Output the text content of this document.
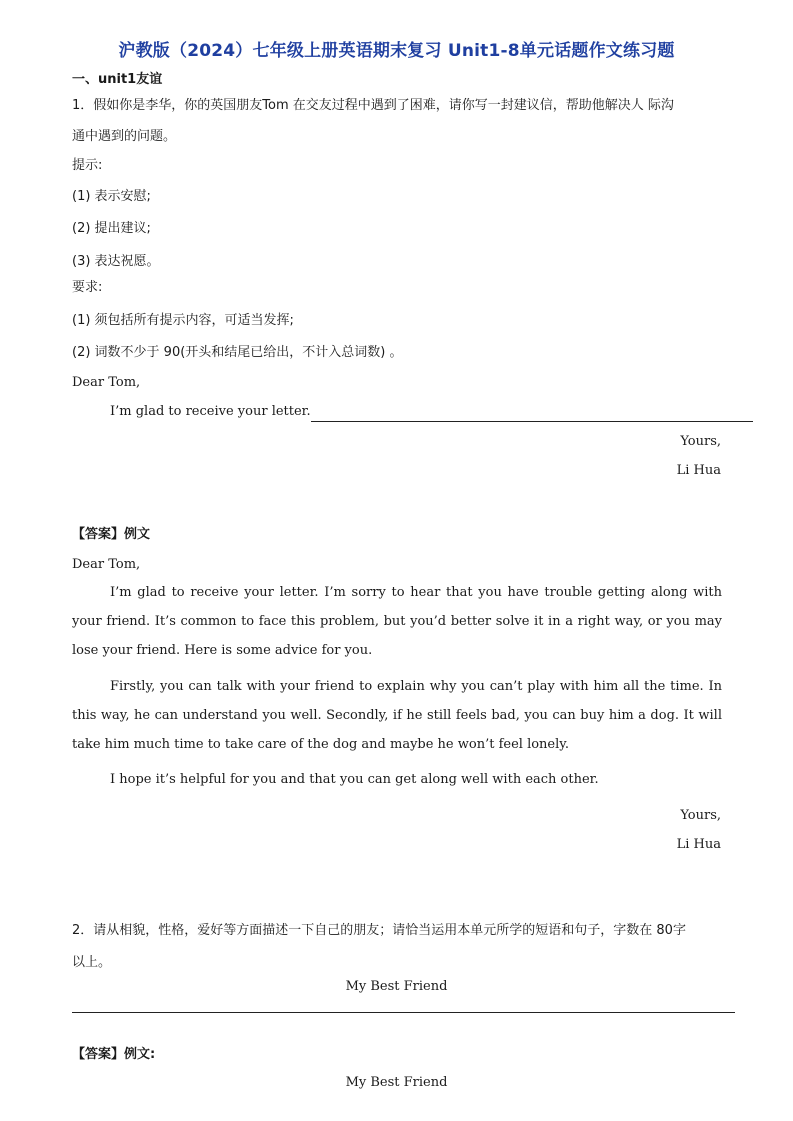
沪教版（2024）七年级上册英语期末复习 Unit1-8单元话题作文练习题
一、unit1友谊
1．假如你是李华，你的英国朋友Tom 在交友过程中遇到了困难，请你写一封建议信，帮助他解决人 际沟
通中遇到的问题。
提示:
(1) 表示安慰;
(2) 提出建议;
(3) 表达祝愿。
要求:
(1) 须包括所有提示内容，可适当发挥;
(2) 词数不少于 90(开头和结尾已给出，不计入总词数) 。
Dear Tom,
I’m glad to receive your letter.
Yours,
Li Hua
【答案】例文
Dear Tom,
I’m glad to receive your letter. I’m sorry to hear that you have trouble getting along with your friend. It’s common to face this problem, but you’d better solve it in a right way, or you may lose your friend. Here is some advice for you.
Firstly, you can talk with your friend to explain why you can’t play with him all the time. In this way, he can understand you well. Secondly, if he still feels bad, you can buy him a dog. It will take him much time to take care of the dog and maybe he won’t feel lonely.
I hope it’s helpful for you and that you can get along well with each other.
Yours,
Li Hua
2．请从相貌，性格，爱好等方面描述一下自己的朋友；请恰当运用本单元所学的短语和句子，字数在 80字
以上。
My Best Friend
【答案】例文:
My Best Friend
